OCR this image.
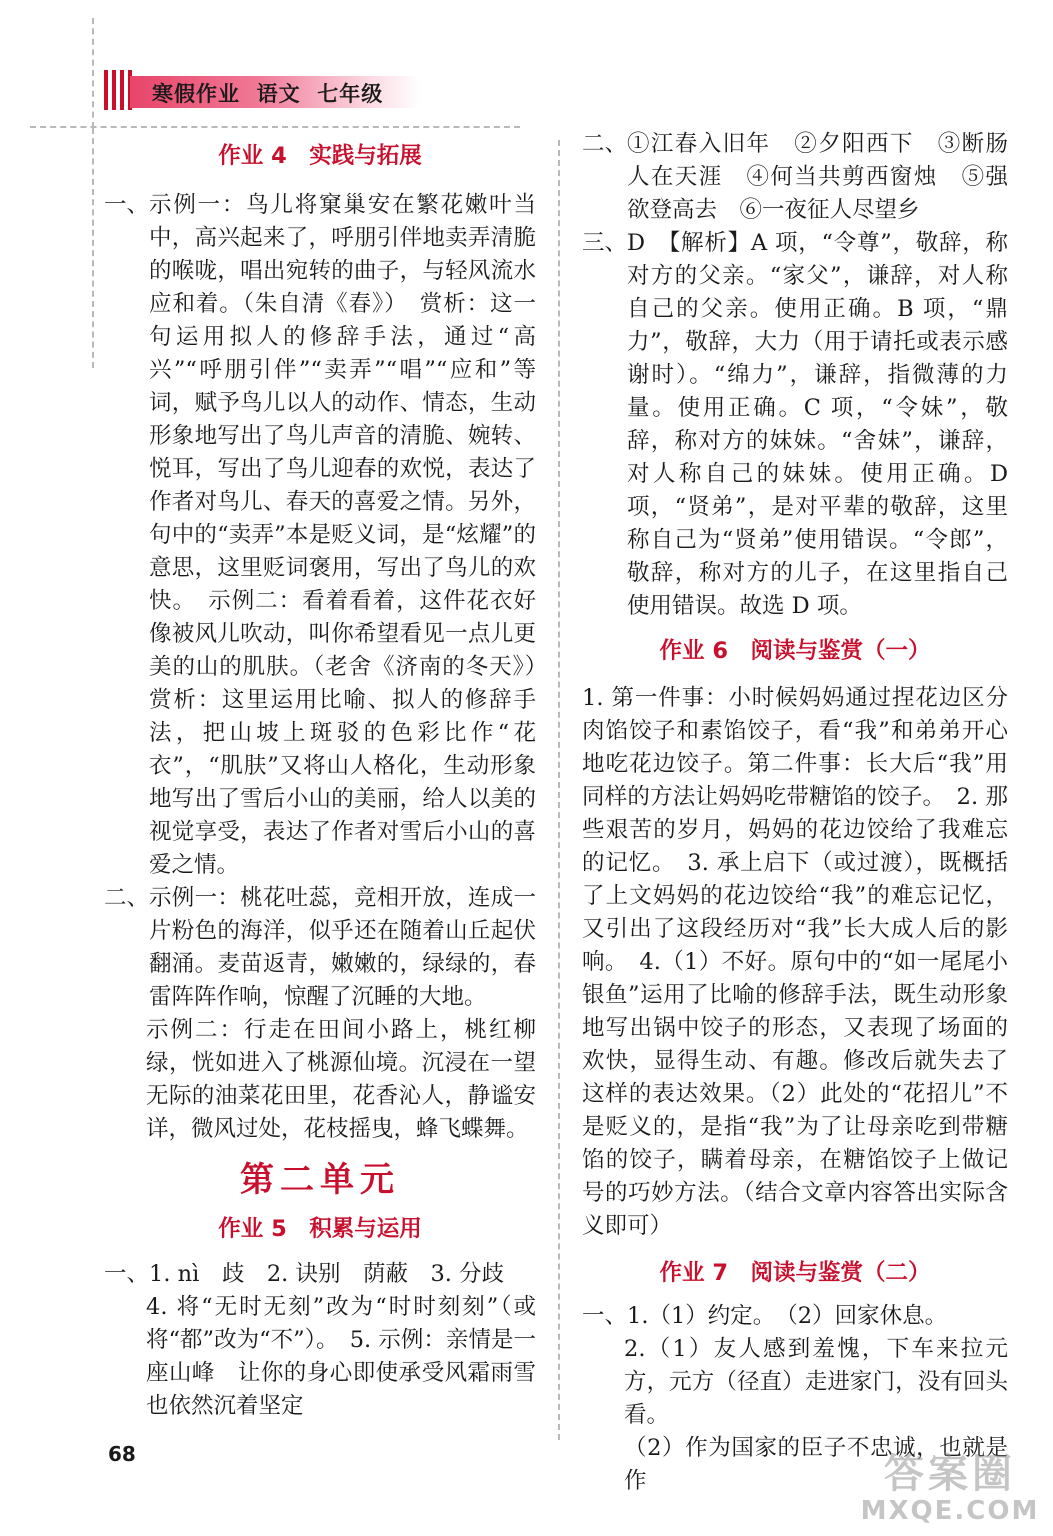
寒假作业  语文  七年级
作业 4　实践与拓展
一、 示例一：鸟儿将窠巢安在繁花嫩叶当中，高兴起来了，呼朋引伴地卖弄清脆的喉咙，唱出宛转的曲子，与轻风流水应和着。（朱自清《春》）　赏析：这一句运用拟人的修辞手法，通过“高兴”“呼朋引伴”“卖弄”“唱”“应和”等词，赋予鸟儿以人的动作、情态，生动形象地写出了鸟儿声音的清脆、婉转、悦耳，写出了鸟儿迎春的欢悦，表达了作者对鸟儿、春天的喜爱之情。另外，句中的“卖弄”本是贬义词，是“炫耀”的意思，这里贬词褒用，写出了鸟儿的欢快。　示例二：看着看着，这件花衣好像被风儿吹动，叫你希望看见一点儿更美的山的肌肤。（老舍《济南的冬天》）　赏析：这里运用比喻、拟人的修辞手法，把山坡上斑驳的色彩比作“花衣”，“肌肤”又将山人格化，生动形象地写出了雪后小山的美丽，给人以美的视觉享受，表达了作者对雪后小山的喜爱之情。
二、 示例一：桃花吐蕊，竞相开放，连成一片粉色的海洋，似乎还在随着山丘起伏翻涌。麦苗返青，嫩嫩的，绿绿的，春雷阵阵作响，惊醒了沉睡的大地。
示例二：行走在田间小路上，桃红柳绿，恍如进入了桃源仙境。沉浸在一望无际的油菜花田里，花香沁人，静谧安详，微风过处，花枝摇曳，蜂飞蝶舞。
第二单元
作业 5　积累与运用
一、 1. nì　歧　2. 诀别　荫蔽　3. 分歧
4. 将“无时无刻”改为“时时刻刻”（或将“都”改为“不”）。　5. 示例：亲情是一座山峰　让你的身心即使承受风霜雨雪也依然沉着坚定
二、 ①江春入旧年　②夕阳西下　③断肠人在天涯　④何当共剪西窗烛　⑤强欲登高去　⑥一夜征人尽望乡
三、 D　【解析】A 项，“令尊”，敬辞，称对方的父亲。“家父”，谦辞，对人称自己的父亲。使用正确。B 项，“鼎力”，敬辞，大力（用于请托或表示感谢时）。“绵力”，谦辞，指微薄的力量。使用正确。C 项，“令妹”，敬辞，称对方的妹妹。“舍妹”，谦辞，对人称自己的妹妹。使用正确。D 项，“贤弟”，是对平辈的敬辞，这里称自己为“贤弟”使用错误。“令郎”，敬辞，称对方的儿子，在这里指自己使用错误。故选 D 项。
作业 6　阅读与鉴赏（一）

1. 第一件事：小时候妈妈通过捏花边区分肉馅饺子和素馅饺子，看“我”和弟弟开心地吃花边饺子。第二件事：长大后“我”用同样的方法让妈妈吃带糖馅的饺子。　2. 那些艰苦的岁月，妈妈的花边饺给了我难忘的记忆。　3. 承上启下（或过渡），既概括了上文妈妈的花边饺给“我”的难忘记忆，又引出了这段经历对“我”长大成人后的影响。　4.（1）不好。原句中的“如一尾尾小银鱼”运用了比喻的修辞手法，既生动形象地写出锅中饺子的形态，又表现了场面的欢快，显得生动、有趣。修改后就失去了这样的表达效果。（2）此处的“花招儿”不是贬义的，是指“我”为了让母亲吃到带糖馅的饺子，瞒着母亲，在糖馅饺子上做记号的巧妙方法。（结合文章内容答出实际含义即可）

作业 7　阅读与鉴赏（二）
一、 1.（1）约定。　（2）回家休息。
2.（1）友人感到羞愧，下车来拉元方，元方（径直）走进家门，没有回头看。
（2）作为国家的臣子不忠诚，也就是作
68	答案圈
MXQE.COM
